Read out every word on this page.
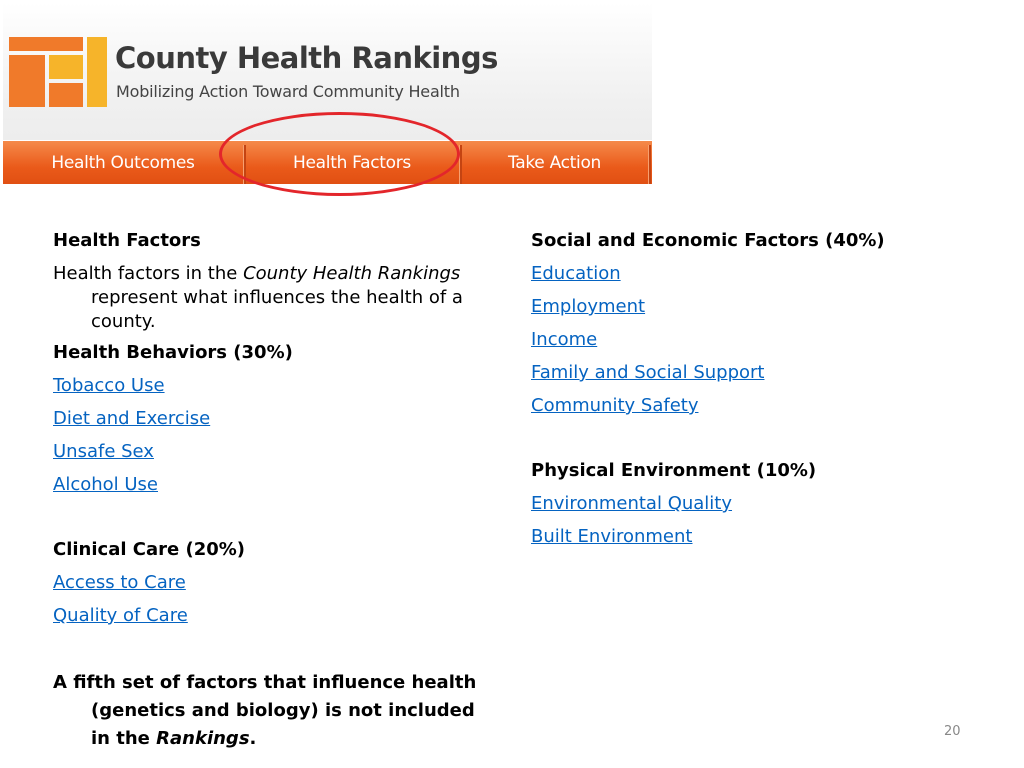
County Health Rankings
Mobilizing Action Toward Community Health
Health Outcomes	Health Factors	Take Action
Health Factors

Health factors in the County Health Rankings represent what influences the health of a county.

Health Behaviors (30%)
Tobacco Use
Diet and Exercise
Unsafe Sex
Alcohol Use
Clinical Care (20%)
Access to Care
Quality of Care

A fifth set of factors that influence health (genetics and biology) is not included in the Rankings.

Social and Economic Factors (40%)
Education
Employment
Income
Family and Social Support
Community Safety
Physical Environment (10%)
Environmental Quality
Built Environment
20
